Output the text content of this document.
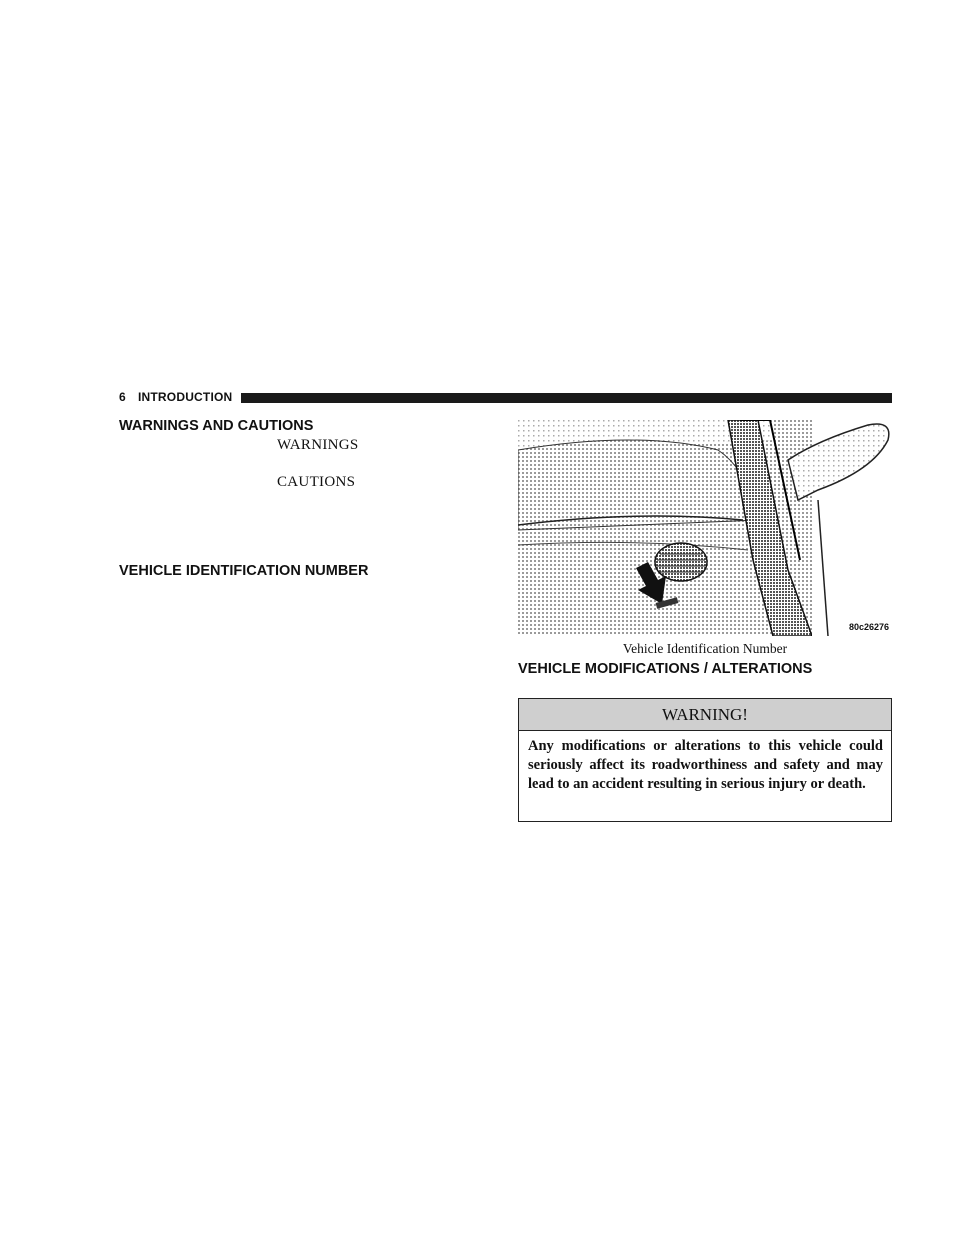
6 INTRODUCTION
WARNINGS AND CAUTIONS
WARNINGS
CAUTIONS
VEHICLE IDENTIFICATION NUMBER
80c26276
Vehicle Identification Number
VEHICLE MODIFICATIONS / ALTERATIONS
WARNING!
Any modifications or alterations to this vehicle could seriously affect its roadworthiness and safety and may lead to an accident resulting in serious injury or death.
